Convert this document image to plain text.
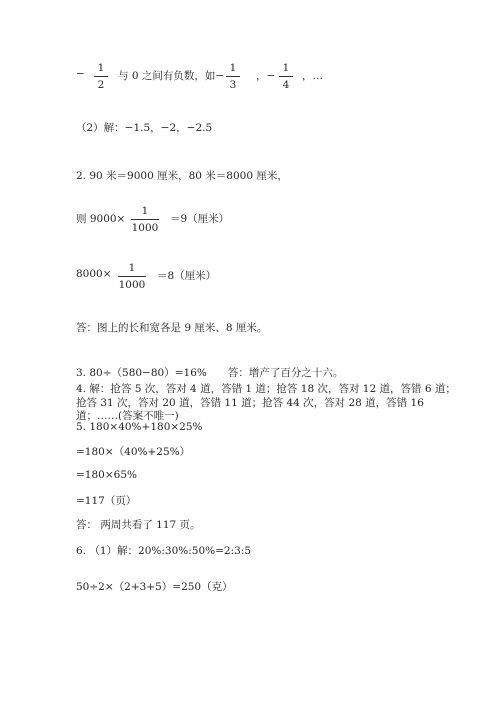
−	1
2
与 0 之间有负数，如−
1
3
，−
1
4
，…
（2）解：−1.5，−2，−2.5
2. 90 米＝9000 厘米，80 米＝8000 厘米，
则 9000×
1
1000
＝9（厘米）
8000×	1
1000
＝8（厘米）
答：图上的长和宽各是 9 厘米、8 厘米。
3. 80÷（580−80）=16%　　答：增产了百分之十六。
4. 解：抢答 5 次，答对 4 道，答错 1 道；抢答 18 次，答对 12 道，答错 6 道；
抢答 31 次，答对 20 道，答错 11 道；抢答 44 次，答对 28 道，答错 16
道；……(答案不唯一)
5. 180×40%+180×25%
=180×（40%+25%）
=180×65%
=117（页）
答： 两周共看了 117 页。
6. （1）解：20%:30%:50%=2:3:5
50÷2×（2+3+5）=250（克）
